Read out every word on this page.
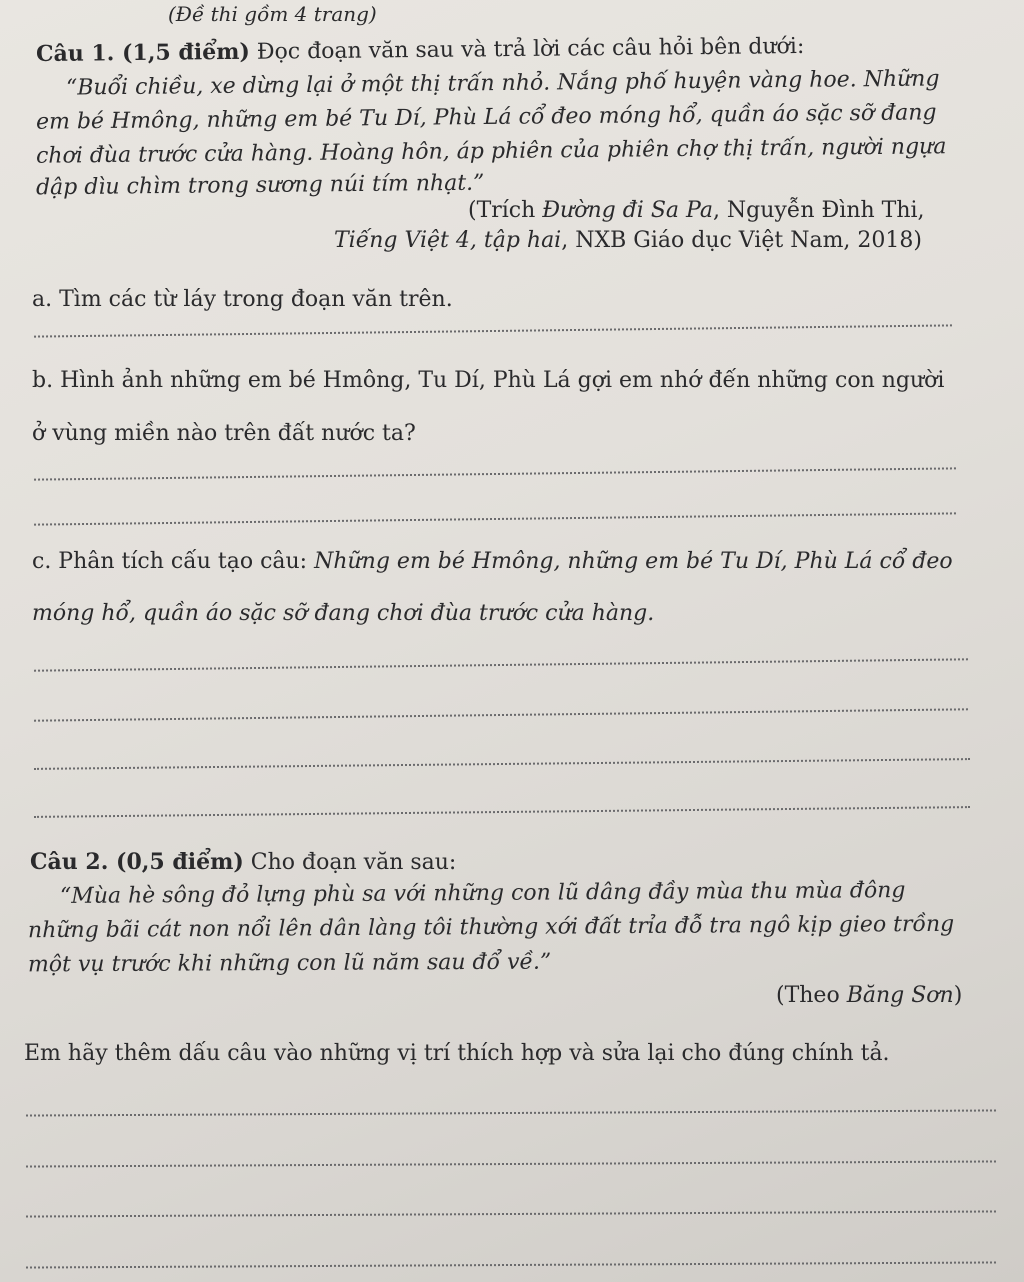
(Đề thi gồm 4 trang)
Câu 1. (1,5 điểm) Đọc đoạn văn sau và trả lời các câu hỏi bên dưới:
“Buổi chiều, xe dừng lại ở một thị trấn nhỏ. Nắng phố huyện vàng hoe. Những
em bé Hmông, những em bé Tu Dí, Phù Lá cổ đeo móng hổ, quần áo sặc sỡ đang
chơi đùa trước cửa hàng. Hoàng hôn, áp phiên của phiên chợ thị trấn, người ngựa
dập dìu chìm trong sương núi tím nhạt.”
(Trích Đường đi Sa Pa, Nguyễn Đình Thi,
Tiếng Việt 4, tập hai, NXB Giáo dục Việt Nam, 2018)
a. Tìm các từ láy trong đoạn văn trên.
b. Hình ảnh những em bé Hmông, Tu Dí, Phù Lá gợi em nhớ đến những con người
ở vùng miền nào trên đất nước ta?
c. Phân tích cấu tạo câu: Những em bé Hmông, những em bé Tu Dí, Phù Lá cổ đeo
móng hổ, quần áo sặc sỡ đang chơi đùa trước cửa hàng.
Câu 2. (0,5 điểm) Cho đoạn văn sau:
“Mùa hè sông đỏ lựng phù sa với những con lũ dâng đầy mùa thu mùa đông
những bãi cát non nổi lên dân làng tôi thường xới đất trỉa đỗ tra ngô kịp gieo trồng
một vụ trước khi những con lũ năm sau đổ về.”
(Theo Băng Sơn)
Em hãy thêm dấu câu vào những vị trí thích hợp và sửa lại cho đúng chính tả.
